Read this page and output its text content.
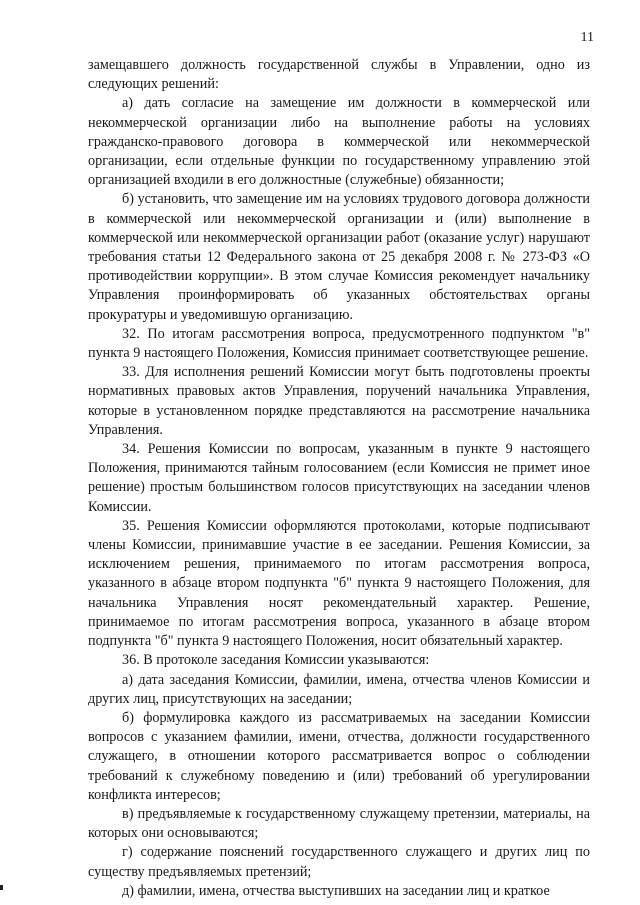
11

замещавшего должность государственной службы в Управлении, одно из следующих решений:

а) дать согласие на замещение им должности в коммерческой или некоммерческой организации либо на выполнение работы на условиях гражданско-правового договора в коммерческой или некоммерческой организации, если отдельные функции по государственному управлению этой организацией входили в его должностные (служебные) обязанности;

б) установить, что замещение им на условиях трудового договора должности в коммерческой или некоммерческой организации и (или) выполнение в коммерческой или некоммерческой организации работ (оказание услуг) нарушают требования статьи 12 Федерального закона от 25 декабря 2008 г. № 273-ФЗ «О противодействии коррупции». В этом случае Комиссия рекомендует начальнику Управления проинформировать об указанных обстоятельствах органы прокуратуры и уведомившую организацию.

32. По итогам рассмотрения вопроса, предусмотренного подпунктом "в" пункта 9 настоящего Положения, Комиссия принимает соответствующее решение.

33. Для исполнения решений Комиссии могут быть подготовлены проекты нормативных правовых актов Управления, поручений начальника Управления, которые в установленном порядке представляются на рассмотрение начальника Управления.

34. Решения Комиссии по вопросам, указанным в пункте 9 настоящего Положения, принимаются тайным голосованием (если Комиссия не примет иное решение) простым большинством голосов присутствующих на заседании членов Комиссии.

35. Решения Комиссии оформляются протоколами, которые подписывают члены Комиссии, принимавшие участие в ее заседании. Решения Комиссии, за исключением решения, принимаемого по итогам рассмотрения вопроса, указанного в абзаце втором подпункта "б" пункта 9 настоящего Положения, для начальника Управления носят рекомендательный характер. Решение, принимаемое по итогам рассмотрения вопроса, указанного в абзаце втором подпункта "б" пункта 9 настоящего Положения, носит обязательный характер.

36. В протоколе заседания Комиссии указываются:

а) дата заседания Комиссии, фамилии, имена, отчества членов Комиссии и других лиц, присутствующих на заседании;

б) формулировка каждого из рассматриваемых на заседании Комиссии вопросов с указанием фамилии, имени, отчества, должности государственного служащего, в отношении которого рассматривается вопрос о соблюдении требований к служебному поведению и (или) требований об урегулировании конфликта интересов;

в) предъявляемые к государственному служащему претензии, материалы, на которых они основываются;

г) содержание пояснений государственного служащего и других лиц по существу предъявляемых претензий;

д) фамилии, имена, отчества выступивших на заседании лиц и краткое
